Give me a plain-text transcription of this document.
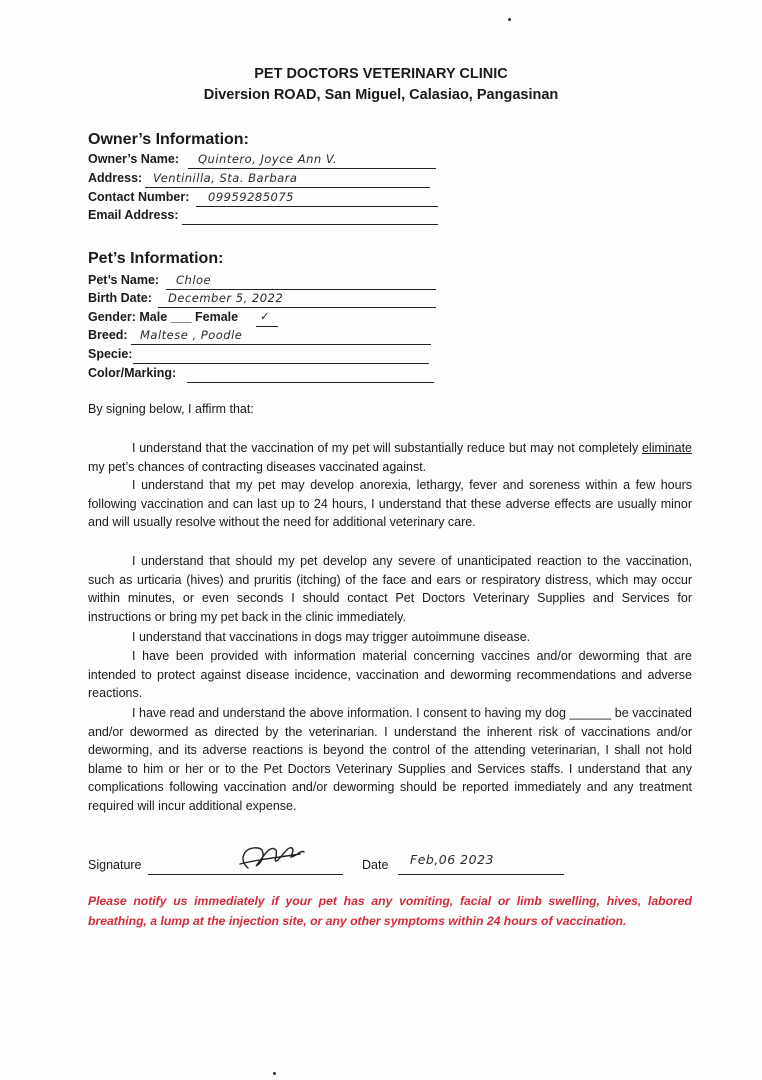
PET DOCTORS VETERINARY CLINIC
Diversion ROAD, San Miguel, Calasiao, Pangasinan
Owner’s Information:
Owner’s Name: Quintero, Joyce Ann V.
Address: Ventinilla, Sta. Barbara
Contact Number: 09959285075
Email Address:
Pet’s Information:
Pet’s Name: Chloe
Birth Date: December 5, 2022
Gender: Male ___ Female ✓
Breed: Maltese , Poodle
Specie:
Color/Marking:
By signing below, I affirm that:
I understand that the vaccination of my pet will substantially reduce but may not completely eliminate my pet’s chances of contracting diseases vaccinated against.
I understand that my pet may develop anorexia, lethargy, fever and soreness within a few hours following vaccination and can last up to 24 hours, I understand that these adverse effects are usually minor and will usually resolve without the need for additional veterinary care.
I understand that should my pet develop any severe of unanticipated reaction to the vaccination, such as urticaria (hives) and pruritis (itching) of the face and ears or respiratory distress, which may occur within minutes, or even seconds I should contact Pet Doctors Veterinary Supplies and Services for instructions or bring my pet back in the clinic immediately.
I understand that vaccinations in dogs may trigger autoimmune disease.
I have been provided with information material concerning vaccines and/or deworming that are intended to protect against disease incidence, vaccination and deworming recommendations and adverse reactions.
I have read and understand the above information. I consent to having my dog ______ be vaccinated and/or dewormed as directed by the veterinarian. I understand the inherent risk of vaccinations and/or deworming, and its adverse reactions is beyond the control of the attending veterinarian, I shall not hold blame to him or her or to the Pet Doctors Veterinary Supplies and Services staffs. I understand that any complications following vaccination and/or deworming should be reported immediately and any treatment required will incur additional expense.
Signature	Date Feb,06 2023
Please notify us immediately if your pet has any vomiting, facial or limb swelling, hives, labored breathing, a lump at the injection site, or any other symptoms within 24 hours of vaccination.
